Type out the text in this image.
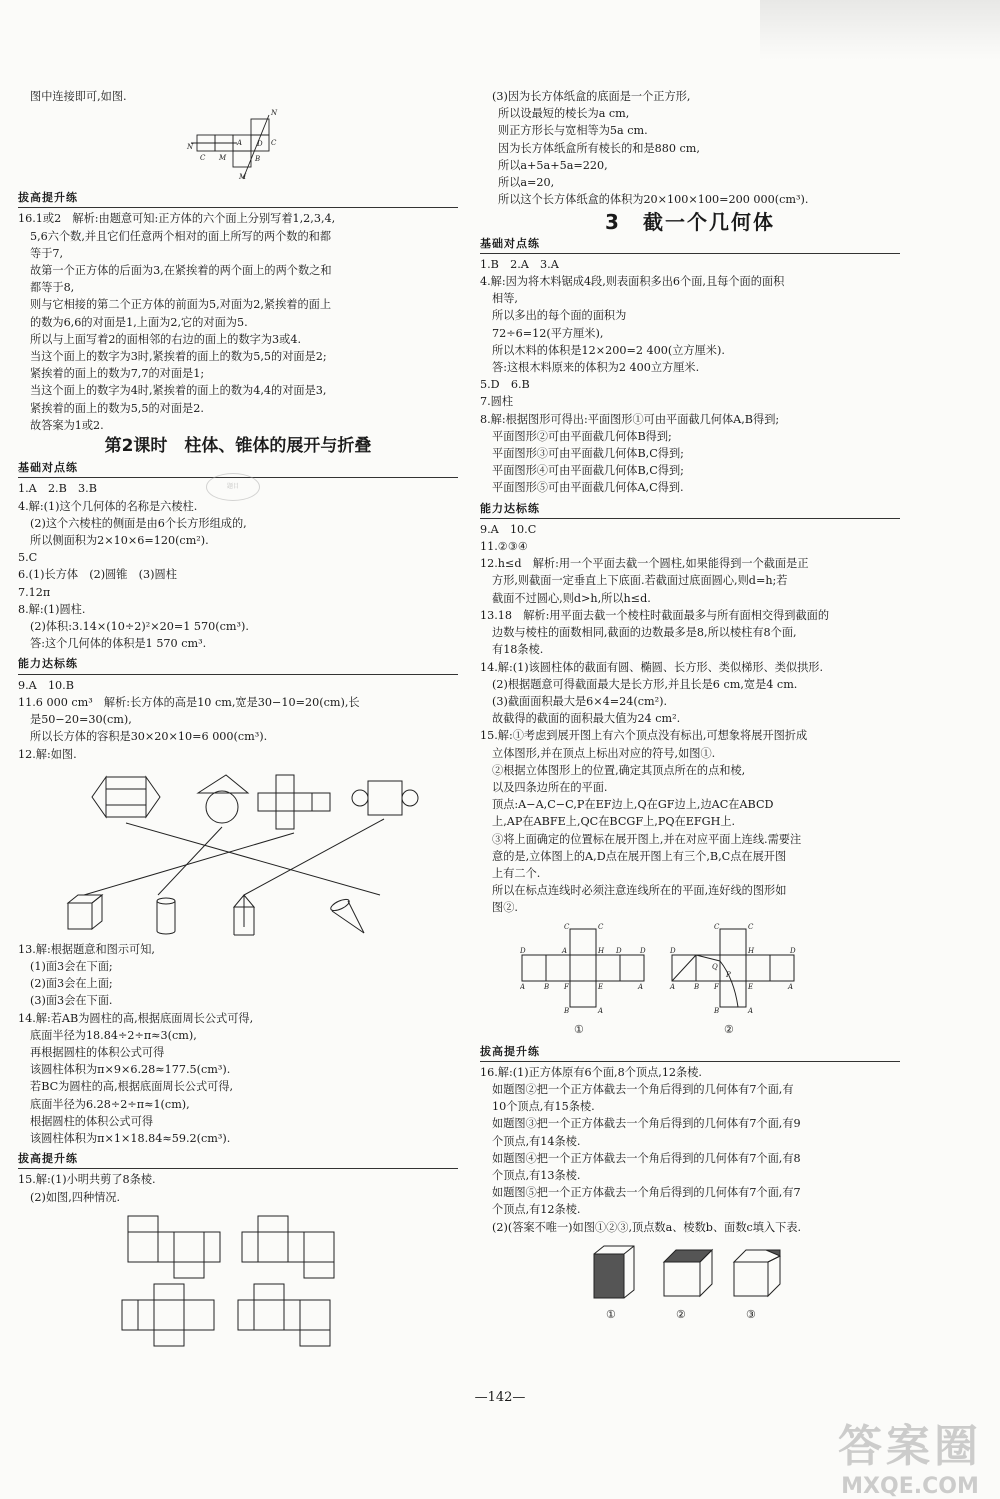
图中连接即可,如图.
N
N
C M
A D C
M
B
拔高提升练
16.1或2　解析:由题意可知:正方体的六个面上分别写着1,2,3,4,
5,6六个数,并且它们任意两个相对的面上所写的两个数的和都
等于7,
故第一个正方体的后面为3,在紧挨着的两个面上的两个数之和
都等于8,
则与它相接的第二个正方体的前面为5,对面为2,紧挨着的面上
的数为6,6的对面是1,上面为2,它的对面为5.
所以与上面写着2的面相邻的右边的面上的数字为3或4.
当这个面上的数字为3时,紧挨着的面上的数为5,5的对面是2;
紧挨着的面上的数为7,7的对面是1;
当这个面上的数字为4时,紧挨着的面上的数为4,4的对面是3,
紧挨着的面上的数为5,5的对面是2.
故答案为1或2.
第2课时　柱体、锥体的展开与折叠
基础对点练
1.A　2.B　3.B
4.解:(1)这个几何体的名称是六棱柱.
(2)这个六棱柱的侧面是由6个长方形组成的,
所以侧面积为2×10×6=120(cm²).
5.C
6.(1)长方体　(2)圆锥　(3)圆柱
7.12π
8.解:(1)圆柱.
(2)体积:3.14×(10÷2)²×20=1 570(cm³).
答:这个几何体的体积是1 570 cm³.
能力达标练
9.A　10.B
11.6 000 cm³　解析:长方体的高是10 cm,宽是30−10=20(cm),长
是50−20=30(cm),
所以长方体的容积是30×20×10=6 000(cm³).
12.解:如图.
13.解:根据题意和图示可知,
(1)面3会在下面;
(2)面3会在上面;
(3)面3会在下面.
14.解:若AB为圆柱的高,根据底面周长公式可得,
底面半径为18.84÷2÷π≈3(cm),
再根据圆柱的体积公式可得
该圆柱体积为π×9×6.28≈177.5(cm³).
若BC为圆柱的高,根据底面周长公式可得,
底面半径为6.28÷2÷π≈1(cm),
根据圆柱的体积公式可得
该圆柱体积为π×1×18.84≈59.2(cm³).
拔高提升练
15.解:(1)小明共剪了8条棱.
(2)如图,四种情况.
题目
(3)因为长方体纸盒的底面是一个正方形,
所以设最短的棱长为a cm,
则正方形长与宽相等为5a cm.
因为长方体纸盒所有棱长的和是880 cm,
所以a+5a+5a=220,
所以a=20,
所以这个长方体纸盒的体积为20×100×100=200 000(cm³).
3　截一个几何体
基础对点练
1.B　2.A　3.A
4.解:因为将木料锯成4段,则表面积多出6个面,且每个面的面积
相等,
所以多出的每个面的面积为
72÷6=12(平方厘米),
所以木料的体积是12×200=2 400(立方厘米).
答:这根木料原来的体积为2 400立方厘米.
5.D　6.B
7.圆柱
8.解:根据图形可得出:平面图形①可由平面截几何体A,B得到;
平面图形②可由平面截几何体B得到;
平面图形③可由平面截几何体B,C得到;
平面图形④可由平面截几何体B,C得到;
平面图形⑤可由平面截几何体A,C得到.
能力达标练
9.A　10.C
11.②③④
12.h≤d　解析:用一个平面去截一个圆柱,如果能得到一个截面是正
方形,则截面一定垂直上下底面.若截面过底面圆心,则d=h;若
截面不过圆心,则d>h,所以h≤d.
13.18　解析:用平面去截一个棱柱时截面最多与所有面相交得到截面的
边数与棱柱的面数相同,截面的边数最多是8,所以棱柱有8个面,
有18条棱.
14.解:(1)该圆柱体的截面有圆、椭圆、长方形、类似梯形、类似拱形.
(2)根据题意可得截面最大是长方形,并且长是6 cm,宽是4 cm.
(3)截面面积最大是6×4=24(cm²).
故截得的截面的面积最大值为24 cm².
15.解:①考虑到展开图上有六个顶点没有标出,可想象将展开图折成
立体图形,并在顶点上标出对应的符号,如图①.
②根据立体图形上的位置,确定其顶点所在的点和棱,
以及四条边所在的平面.
顶点:A−A,C−C,P在EF边上,Q在GF边上,边AC在ABCD
上,AP在ABFE上,QC在BCGF上,PQ在EFGH上.
③将上面确定的位置标在展开图上,并在对应平面上连线.需要注
意的是,立体图上的A,D点在展开图上有三个,B,C点在展开图
上有二个.
所以在标点连线时必须注意连线所在的平面,连好线的图形如
图②.
C	C
D	A	H D	D
A	B F	E	A
B	A
C	C
D	H	D
A	B F	E	A
B	A
Q
P
①	②
拔高提升练
16.解:(1)正方体原有6个面,8个顶点,12条棱.
如题图②把一个正方体截去一个角后得到的几何体有7个面,有
10个顶点,有15条棱.
如题图③把一个正方体截去一个角后得到的几何体有7个面,有9
个顶点,有14条棱.
如题图④把一个正方体截去一个角后得到的几何体有7个面,有8
个顶点,有13条棱.
如题图⑤把一个正方体截去一个角后得到的几何体有7个面,有7
个顶点,有12条棱.
(2)(答案不唯一)如图①②③,顶点数a、棱数b、面数c填入下表.
①	②	③
—142—
答案圈
MXQE.COM
